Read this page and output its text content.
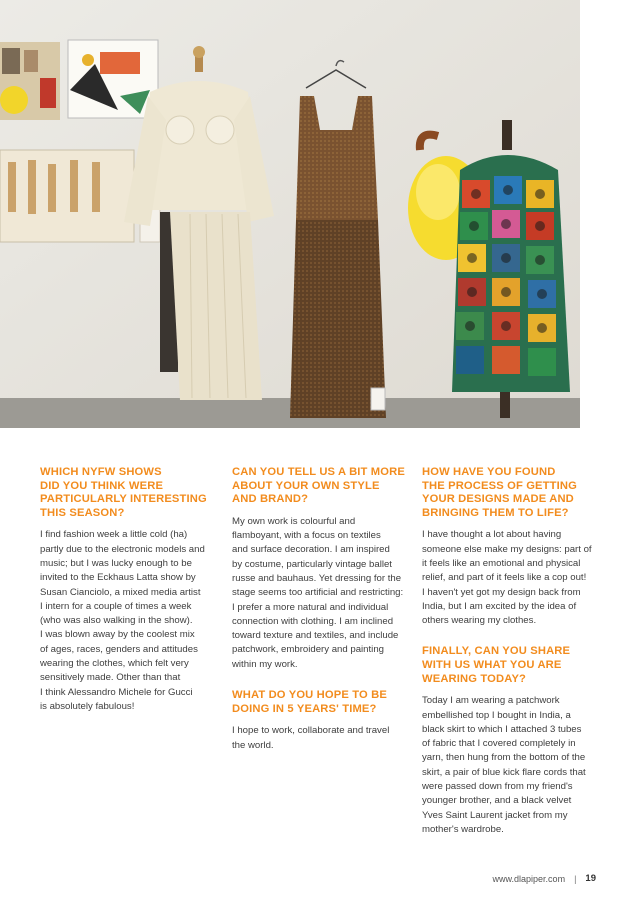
WHICH NYFW SHOWS
DID YOU THINK WERE
PARTICULARLY INTERESTING
THIS SEASON?

I find fashion week a little cold (ha)
partly due to the electronic models and
music; but I was lucky enough to be
invited to the Eckhaus Latta show by
Susan Cianciolo, a mixed media artist
I intern for a couple of times a week
(who was also walking in the show).
I was blown away by the coolest mix
of ages, races, genders and attitudes
wearing the clothes, which felt very
sensitively made. Other than that
I think Alessandro Michele for Gucci
is absolutely fabulous!

CAN YOU TELL US A BIT MORE
ABOUT YOUR OWN STYLE
AND BRAND?

My own work is colourful and
flamboyant, with a focus on textiles
and surface decoration. I am inspired
by costume, particularly vintage ballet
russe and bauhaus. Yet dressing for the
stage seems too artificial and restricting:
I prefer a more natural and individual
connection with clothing. I am inclined
toward texture and textiles, and include
patchwork, embroidery and painting
within my work.

WHAT DO YOU HOPE TO BE
DOING IN 5 YEARS' TIME?

I hope to work, collaborate and travel
the world.

HOW HAVE YOU FOUND
THE PROCESS OF GETTING
YOUR DESIGNS MADE AND
BRINGING THEM TO LIFE?

I have thought a lot about having
someone else make my designs: part of
it feels like an emotional and physical
relief, and part of it feels like a cop out!
I haven't yet got my design back from
India, but I am excited by the idea of
others wearing my clothes.

FINALLY, CAN YOU SHARE
WITH US WHAT YOU ARE
WEARING TODAY?

Today I am wearing a patchwork
embellished top I bought in India, a
black skirt to which I attached 3 tubes
of fabric that I covered completely in
yarn, then hung from the bottom of the
skirt, a pair of blue kick flare cords that
were passed down from my friend's
younger brother, and a black velvet
Yves Saint Laurent jacket from my
mother's wardrobe.

www.dlapiper.com | 19
